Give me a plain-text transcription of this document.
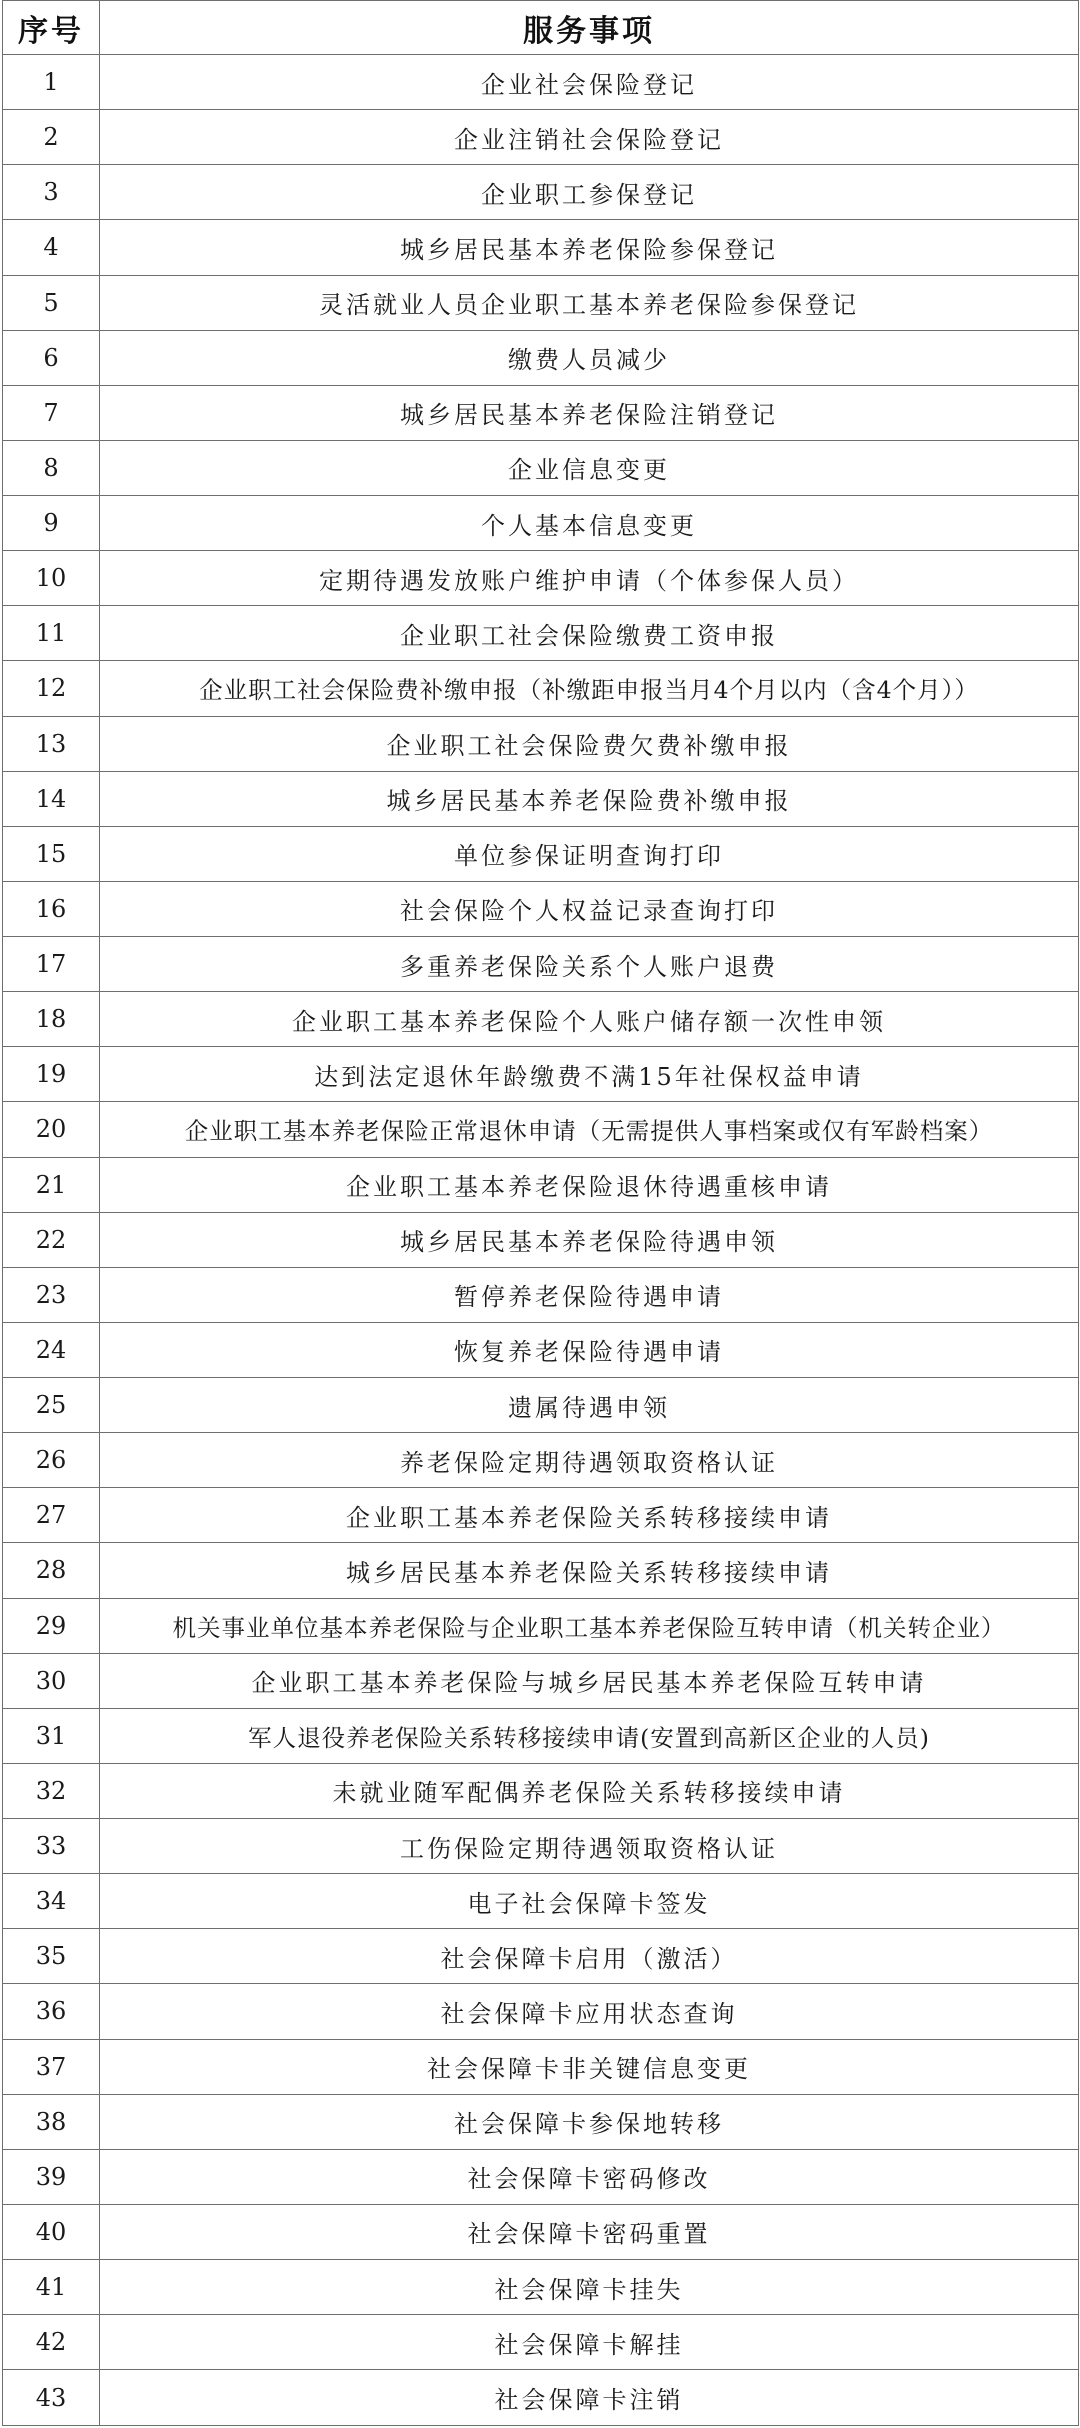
序号	服务事项
1	企业社会保险登记
2	企业注销社会保险登记
3	企业职工参保登记
4	城乡居民基本养老保险参保登记
5	灵活就业人员企业职工基本养老保险参保登记
6	缴费人员减少
7	城乡居民基本养老保险注销登记
8	企业信息变更
9	个人基本信息变更
10	定期待遇发放账户维护申请（个体参保人员）
11	企业职工社会保险缴费工资申报
12	企业职工社会保险费补缴申报（补缴距申报当月4个月以内（含4个月））
13	企业职工社会保险费欠费补缴申报
14	城乡居民基本养老保险费补缴申报
15	单位参保证明查询打印
16	社会保险个人权益记录查询打印
17	多重养老保险关系个人账户退费
18	企业职工基本养老保险个人账户储存额一次性申领
19	达到法定退休年龄缴费不满15年社保权益申请
20	企业职工基本养老保险正常退休申请（无需提供人事档案或仅有军龄档案）
21	企业职工基本养老保险退休待遇重核申请
22	城乡居民基本养老保险待遇申领
23	暂停养老保险待遇申请
24	恢复养老保险待遇申请
25	遗属待遇申领
26	养老保险定期待遇领取资格认证
27	企业职工基本养老保险关系转移接续申请
28	城乡居民基本养老保险关系转移接续申请
29	机关事业单位基本养老保险与企业职工基本养老保险互转申请（机关转企业）
30	企业职工基本养老保险与城乡居民基本养老保险互转申请
31	军人退役养老保险关系转移接续申请(安置到高新区企业的人员)
32	未就业随军配偶养老保险关系转移接续申请
33	工伤保险定期待遇领取资格认证
34	电子社会保障卡签发
35	社会保障卡启用（激活）
36	社会保障卡应用状态查询
37	社会保障卡非关键信息变更
38	社会保障卡参保地转移
39	社会保障卡密码修改
40	社会保障卡密码重置
41	社会保障卡挂失
42	社会保障卡解挂
43	社会保障卡注销
